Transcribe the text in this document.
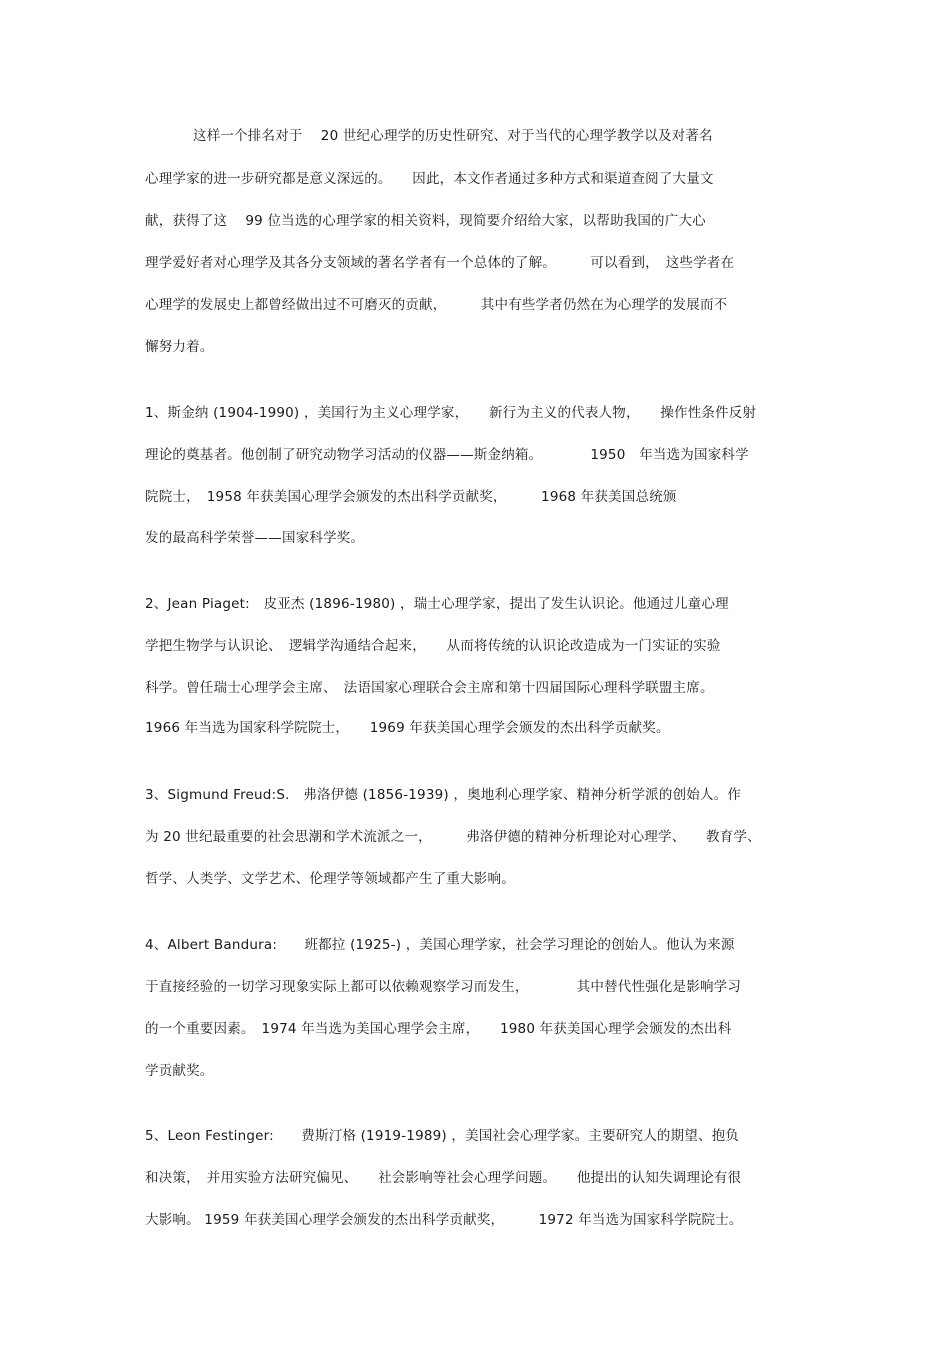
这样一个排名对于　 20 世纪心理学的历史性研究、对于当代的心理学教学以及对著名
心理学家的进一步研究都是意义深远的。　　因此，本文作者通过多种方式和渠道查阅了大量文
献，获得了这　 99 位当选的心理学家的相关资料，现简要介绍给大家，以帮助我国的广大心
理学爱好者对心理学及其各分支领域的著名学者有一个总体的了解。　　　可以看到，　这些学者在
心理学的发展史上都曾经做出过不可磨灭的贡献，　　　其中有些学者仍然在为心理学的发展而不
懈努力着。
1、斯金纳 (1904-1990) ，美国行为主义心理学家，　　新行为主义的代表人物，　　操作性条件反射
理论的奠基者。他创制了研究动物学习活动的仪器——斯金纳箱。　　　　1950　年当选为国家科学
院院士，　1958 年获美国心理学会颁发的杰出科学贡献奖，　　　1968 年获美国总统颁
发的最高科学荣誉——国家科学奖。
2、Jean Piaget:　皮亚杰 (1896-1980) ，瑞士心理学家，提出了发生认识论。他通过儿童心理
学把生物学与认识论、　逻辑学沟通结合起来，　　从而将传统的认识论改造成为一门实证的实验
科学。曾任瑞士心理学会主席、　法语国家心理联合会主席和第十四届国际心理科学联盟主席。
1966 年当选为国家科学院院士，　　1969 年获美国心理学会颁发的杰出科学贡献奖。
3、Sigmund Freud:S.　弗洛伊德 (1856-1939) ，奥地利心理学家、精神分析学派的创始人。作
为 20 世纪最重要的社会思潮和学术流派之一，　　　弗洛伊德的精神分析理论对心理学、　　教育学、
哲学、人类学、文学艺术、伦理学等领域都产生了重大影响。
4、Albert Bandura:　　班都拉 (1925-) ，美国心理学家，社会学习理论的创始人。他认为来源
于直接经验的一切学习现象实际上都可以依赖观察学习而发生，　　　　其中替代性强化是影响学习
的一个重要因素。　1974 年当选为美国心理学会主席，　　1980 年获美国心理学会颁发的杰出科
学贡献奖。
5、Leon Festinger:　　费斯汀格 (1919-1989) ，美国社会心理学家。主要研究人的期望、抱负
和决策，　并用实验方法研究偏见、　　社会影响等社会心理学问题。　　他提出的认知失调理论有很
大影响。 1959 年获美国心理学会颁发的杰出科学贡献奖，　　　1972 年当选为国家科学院院士。
